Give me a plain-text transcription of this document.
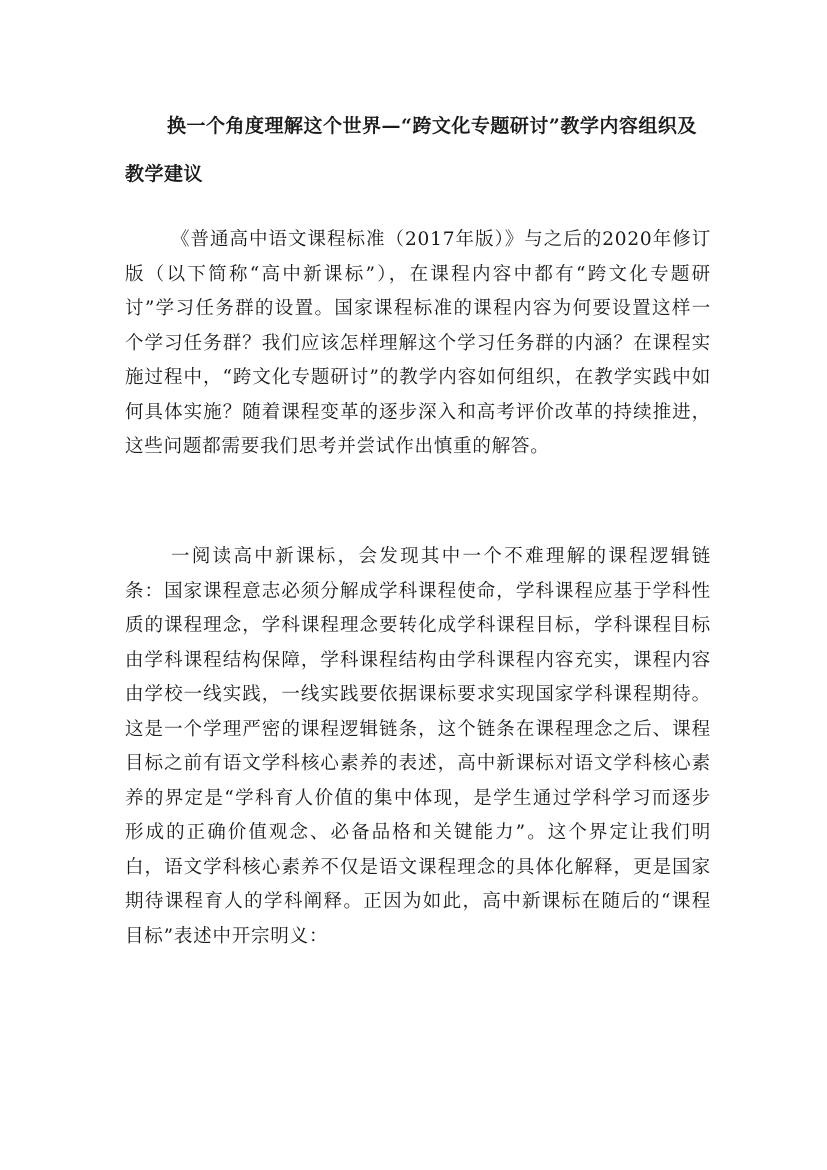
换一个角度理解这个世界—“跨文化专题研讨”教学内容组织及教学建议

《普通高中语文课程标准（2017年版）》与之后的2020年修订版（以下简称“高中新课标”），在课程内容中都有“跨文化专题研讨”学习任务群的设置。国家课程标准的课程内容为何要设置这样一个学习任务群？我们应该怎样理解这个学习任务群的内涵？在课程实施过程中，“跨文化专题研讨”的教学内容如何组织，在教学实践中如何具体实施？随着课程变革的逐步深入和高考评价改革的持续推进，这些问题都需要我们思考并尝试作出慎重的解答。

一阅读高中新课标，会发现其中一个不难理解的课程逻辑链条：国家课程意志必须分解成学科课程使命，学科课程应基于学科性质的课程理念，学科课程理念要转化成学科课程目标，学科课程目标由学科课程结构保障，学科课程结构由学科课程内容充实，课程内容由学校一线实践，一线实践要依据课标要求实现国家学科课程期待。这是一个学理严密的课程逻辑链条，这个链条在课程理念之后、课程目标之前有语文学科核心素养的表述，高中新课标对语文学科核心素养的界定是“学科育人价值的集中体现，是学生通过学科学习而逐步形成的正确价值观念、必备品格和关键能力”。这个界定让我们明白，语文学科核心素养不仅是语文课程理念的具体化解释，更是国家期待课程育人的学科阐释。正因为如此，高中新课标在随后的“课程目标”表述中开宗明义：
